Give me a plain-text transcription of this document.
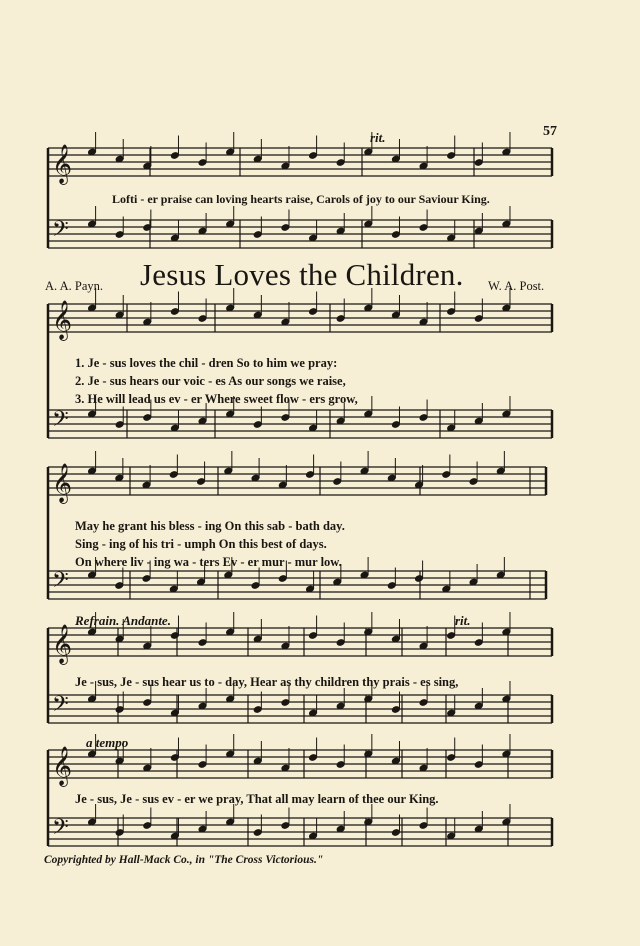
𝄞
𝄢
𝄞
𝄢
𝄞
𝄢
𝄞
𝄢
𝄞
𝄢
57
rit.
Lofti - er praise can loving hearts raise, Carols of joy to our Saviour King.
Jesus Loves the Children.
A. A. Payn.	W. A. Post.
1. Je - sus loves the chil - dren So to him we pray:
2. Je - sus hears our voic - es As our songs we raise,
3. He will lead us ev - er Where sweet flow - ers grow,
May he grant his bless - ing On this sab - bath day.
Sing - ing of his tri - umph On this best of days.
On where liv - ing wa - ters Ev - er mur - mur low.
Refrain. Andante.	rit.
Je - sus, Je - sus hear us to - day, Hear as thy children thy prais - es sing,
a tempo
Je - sus, Je - sus ev - er we pray, That all may learn of thee our King.
Copyrighted by Hall-Mack Co., in "The Cross Victorious."
